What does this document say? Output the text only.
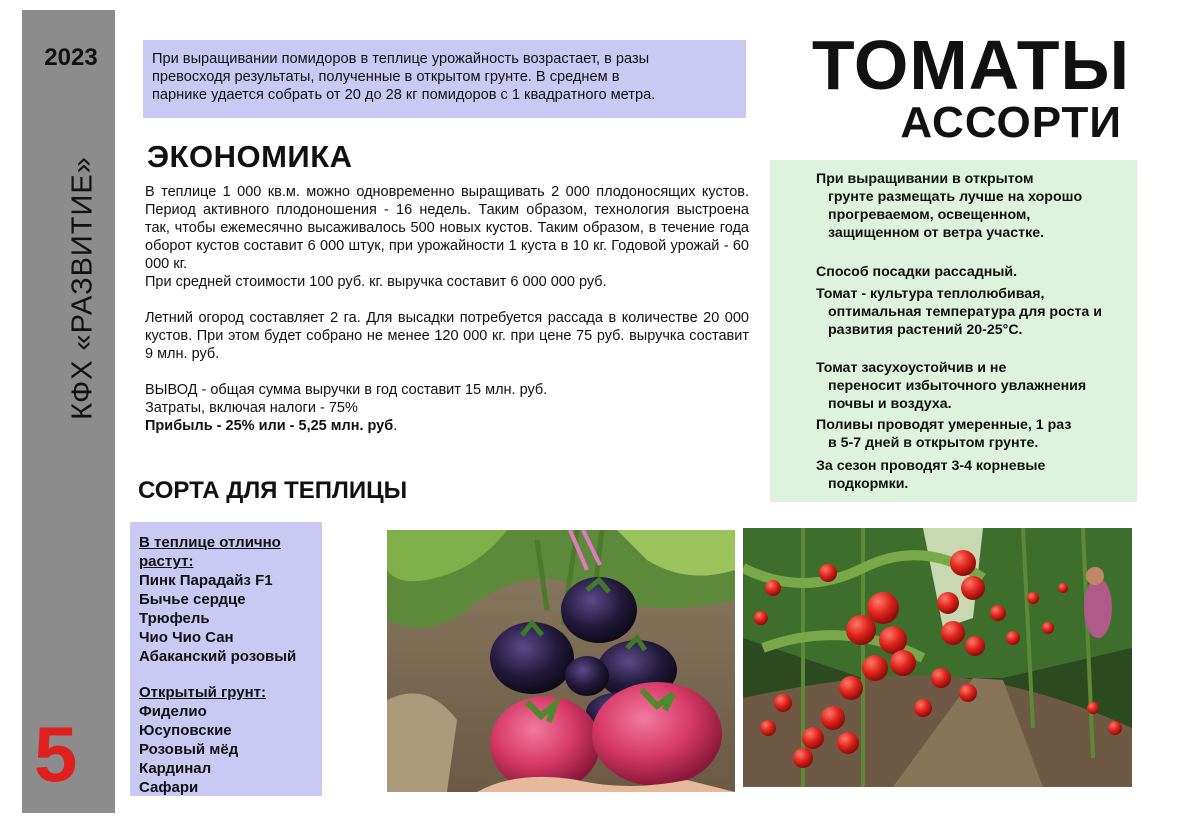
2023
КФХ «РАЗВИТИЕ»
5
При выращивании помидоров в теплице урожайность возрастает, в разы
превосходя результаты, полученные в открытом грунте. В среднем в
парнике удается собрать от 20 до 28 кг помидоров с 1 квадратного метра.	ТОМАТЫ
АССОРТИ
ЭКОНОМИКА

В теплице 1 000 кв.м. можно одновременно выращивать 2 000 плодоносящих кустов. Период активного плодоношения - 16 недель. Таким образом, технология выстроена так, чтобы ежемесячно высаживалось 500 новых кустов. Таким образом, в течение года оборот кустов составит 6 000 штук, при урожайности 1 куста в 10 кг. Годовой урожай - 60 000 кг.

При средней стоимости 100 руб. кг. выручка составит 6 000 000 руб.

Летний огород составляет 2 га. Для высадки потребуется рассада в количестве 20 000 кустов. При этом будет собрано не менее 120 000 кг. при цене 75 руб. выручка составит 9 млн. руб.

ВЫВОД - общая сумма выручки в год составит 15 млн. руб.

Затраты, включая налоги - 75%

Прибыль - 25% или - 5,25 млн. руб.

При выращивании в открытом
грунте размещать лучше на хорошо прогреваемом, освещенном, защищенном от ветра участке.
Способ посадки рассадный.
Томат - культура теплолюбивая,
оптимальная температура для роста и развития растений 20-25°С.
Томат засухоустойчив и не
переносит избыточного увлажнения почвы и воздуха.
Поливы проводят умеренные, 1 раз
в 5-7 дней в открытом грунте.
За сезон проводят 3-4 корневые
подкормки.
СОРТА ДЛЯ ТЕПЛИЦЫ
В теплице отлично
растут:
Пинк Парадайз F1
Бычье сердце
Трюфель
Чио Чио Сан
Абаканский розовый
Открытый грунт:
Фиделио
Юсуповские
Розовый мёд
Кардинал
Сафари
